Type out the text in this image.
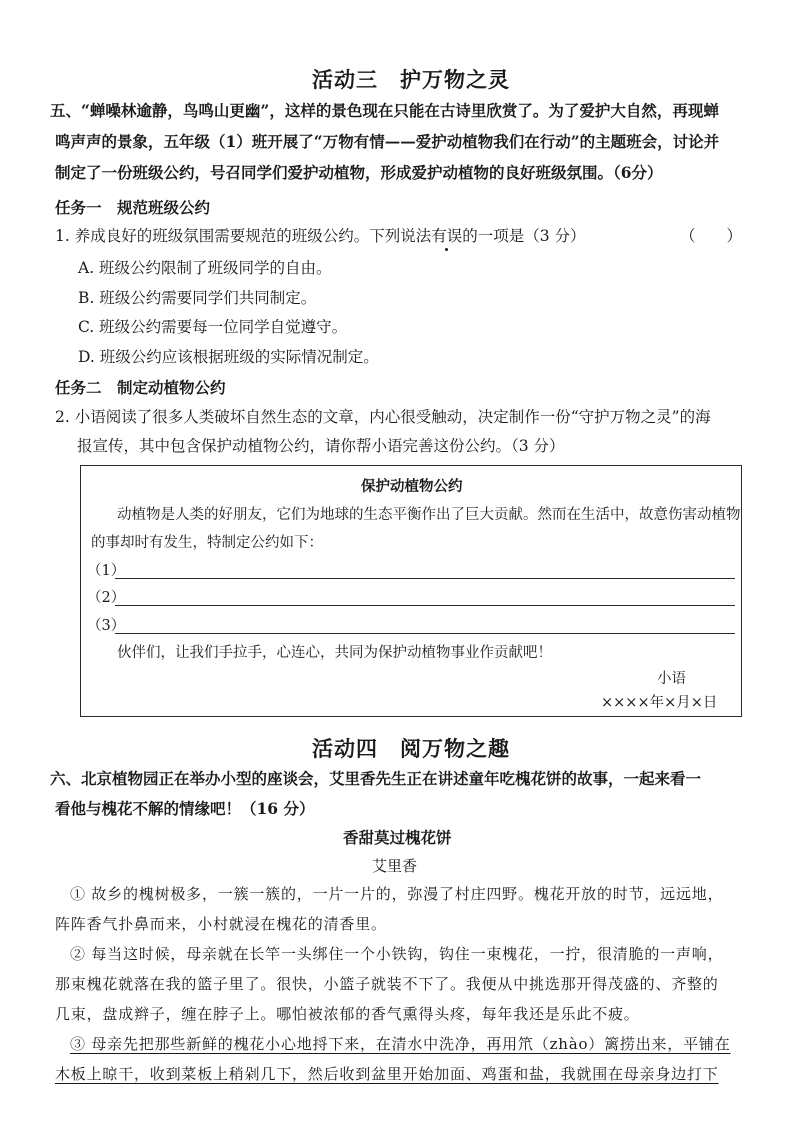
活动三　护万物之灵
五、“蝉噪林逾静，鸟鸣山更幽”，这样的景色现在只能在古诗里欣赏了。为了爱护大自然，再现蝉
鸣声声的景象，五年级（1）班开展了“万物有情——爱护动植物我们在行动”的主题班会，讨论并
制定了一份班级公约，号召同学们爱护动植物，形成爱护动植物的良好班级氛围。（6分）
任务一　规范班级公约
1. 养成良好的班级氛围需要规范的班级公约。下列说法有误的一项是（3 分）	（　　）
A. 班级公约限制了班级同学的自由。
B. 班级公约需要同学们共同制定。
C. 班级公约需要每一位同学自觉遵守。
D. 班级公约应该根据班级的实际情况制定。
任务二　制定动植物公约
2. 小语阅读了很多人类破坏自然生态的文章，内心很受触动，决定制作一份“守护万物之灵”的海
报宣传，其中包含保护动植物公约，请你帮小语完善这份公约。（3 分）
保护动植物公约
动植物是人类的好朋友，它们为地球的生态平衡作出了巨大贡献。然而在生活中，故意伤害动植物
的事却时有发生，特制定公约如下：
（1）
（2）
（3）
伙伴们，让我们手拉手，心连心，共同为保护动植物事业作贡献吧！
小语
××××年×月×日
活动四　阅万物之趣
六、北京植物园正在举办小型的座谈会，艾里香先生正在讲述童年吃槐花饼的故事，一起来看一
看他与槐花不解的情缘吧！（16 分）
香甜莫过槐花饼
艾里香
① 故乡的槐树极多，一簇一簇的，一片一片的，弥漫了村庄四野。槐花开放的时节，远远地，
阵阵香气扑鼻而来，小村就浸在槐花的清香里。
② 每当这时候，母亲就在长竿一头绑住一个小铁钩，钩住一束槐花，一拧，很清脆的一声响，
那束槐花就落在我的篮子里了。很快，小篮子就装不下了。我便从中挑选那开得茂盛的、齐整的
几束，盘成辫子，缠在脖子上。哪怕被浓郁的香气熏得头疼，每年我还是乐此不疲。
③ 母亲先把那些新鲜的槐花小心地捋下来，在清水中洗净，再用笊（zhào）篱捞出来，平铺在
木板上晾干，收到菜板上稍剁几下，然后收到盆里开始加面、鸡蛋和盐，我就围在母亲身边打下
